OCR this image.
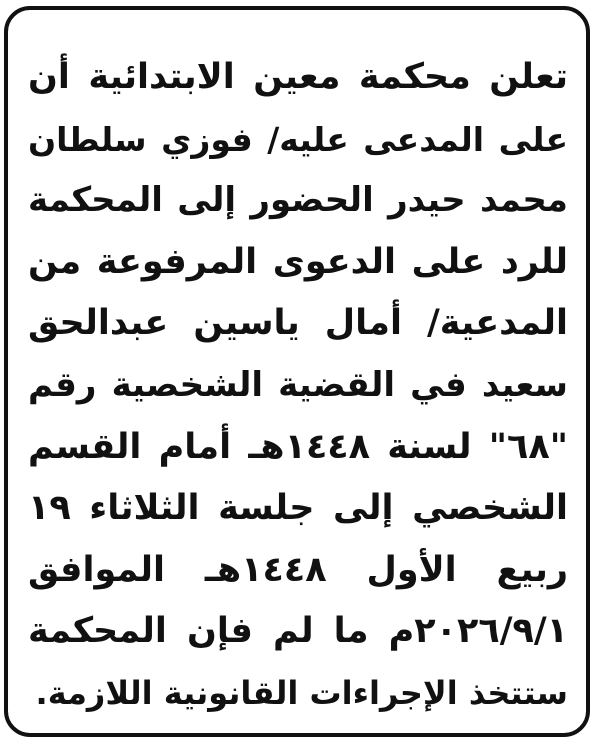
تعلن محكمة معين الابتدائية أن
على المدعى عليه/ فوزي سلطان
محمد حيدر الحضور إلى المحكمة
للرد على الدعوى المرفوعة من
المدعية/ أمال ياسين عبدالحق
سعيد في القضية الشخصية رقم
"٦٨" لسنة ١٤٤٨هـ أمام القسم
الشخصي إلى جلسة الثلاثاء ١٩
ربيع الأول ١٤٤٨هـ الموافق
٢٠٢٦/٩/١م ما لم فإن المحكمة
ستتخذ الإجراءات القانونية اللازمة.
